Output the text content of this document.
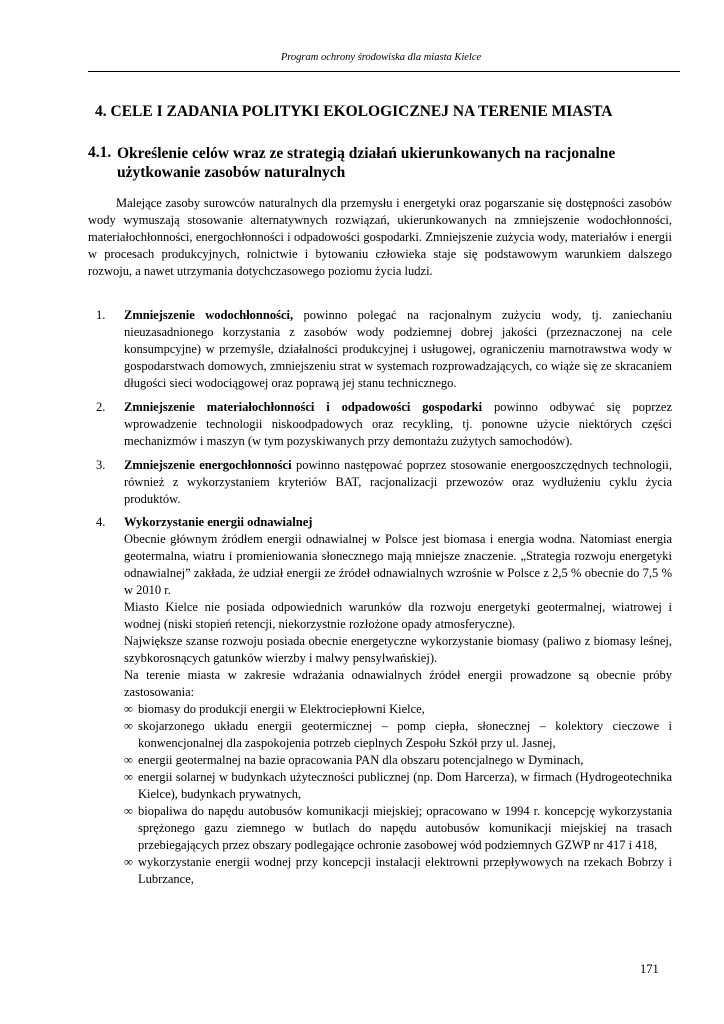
Program ochrony środowiska dla miasta Kielce
4. CELE I ZADANIA POLITYKI EKOLOGICZNEJ NA TERENIE MIASTA
4.1. Określenie celów wraz ze strategią działań ukierunkowanych na racjonalne użytkowanie zasobów naturalnych

Malejące zasoby surowców naturalnych dla przemysłu i energetyki oraz pogarszanie się dostępności zasobów wody wymuszają stosowanie alternatywnych rozwiązań, ukierunkowanych na zmniejszenie wodochłonności, materiałochłonności, energochłonności i odpadowości gospodarki. Zmniejszenie zużycia wody, materiałów i energii w procesach produkcyjnych, rolnictwie i bytowaniu człowieka staje się podstawowym warunkiem dalszego rozwoju, a nawet utrzymania dotychczasowego poziomu życia ludzi.

1. Zmniejszenie wodochłonności, powinno polegać na racjonalnym zużyciu wody, tj. zaniechaniu nieuzasadnionego korzystania z zasobów wody podziemnej dobrej jakości (przeznaczonej na cele konsumpcyjne) w przemyśle, działalności produkcyjnej i usługowej, ograniczeniu marnotrawstwa wody w gospodarstwach domowych, zmniejszeniu strat w systemach rozprowadzających, co wiąże się ze skracaniem długości sieci wodociągowej oraz poprawą jej stanu technicznego.
2. Zmniejszenie materiałochłonności i odpadowości gospodarki powinno odbywać się poprzez wprowadzenie technologii niskoodpadowych oraz recykling, tj. ponowne użycie niektórych części mechanizmów i maszyn (w tym pozyskiwanych przy demontażu zużytych samochodów).
3. Zmniejszenie energochłonności powinno następować poprzez stosowanie energooszczędnych technologii, również z wykorzystaniem kryteriów BAT, racjonalizacji przewozów oraz wydłużeniu cyklu życia produktów.
4. Wykorzystanie energii odnawialnej

Obecnie głównym źródłem energii odnawialnej w Polsce jest biomasa i energia wodna. Natomiast energia geotermalna, wiatru i promieniowania słonecznego mają mniejsze znaczenie. „Strategia rozwoju energetyki odnawialnej” zakłada, że udział energii ze źródeł odnawialnych wzrośnie w Polsce z 2,5 % obecnie do 7,5 % w 2010 r.

Miasto Kielce nie posiada odpowiednich warunków dla rozwoju energetyki geotermalnej, wiatrowej i wodnej (niski stopień retencji, niekorzystnie rozłożone opady atmosferyczne).

Największe szanse rozwoju posiada obecnie energetyczne wykorzystanie biomasy (paliwo z biomasy leśnej, szybkorosnących gatunków wierzby i malwy pensylwańskiej).

Na terenie miasta w zakresie wdrażania odnawialnych źródeł energii prowadzone są obecnie próby zastosowania:

∞ biomasy do produkcji energii w Elektrociepłowni Kielce,
∞ skojarzonego układu energii geotermicznej – pomp ciepła, słonecznej – kolektory cieczowe i konwencjonalnej dla zaspokojenia potrzeb cieplnych Zespołu Szkół przy ul. Jasnej,
∞ energii geotermalnej na bazie opracowania PAN dla obszaru potencjalnego w Dyminach,
∞ energii solarnej w budynkach użyteczności publicznej (np. Dom Harcerza), w firmach (Hydrogeotechnika Kielce), budynkach prywatnych,
∞ biopaliwa do napędu autobusów komunikacji miejskiej; opracowano w 1994 r. koncepcję wykorzystania sprężonego gazu ziemnego w butlach do napędu autobusów komunikacji miejskiej na trasach przebiegających przez obszary podlegające ochronie zasobowej wód podziemnych GZWP nr 417 i 418,
∞ wykorzystanie energii wodnej przy koncepcji instalacji elektrowni przepływowych na rzekach Bobrzy i Lubrzance,
171
